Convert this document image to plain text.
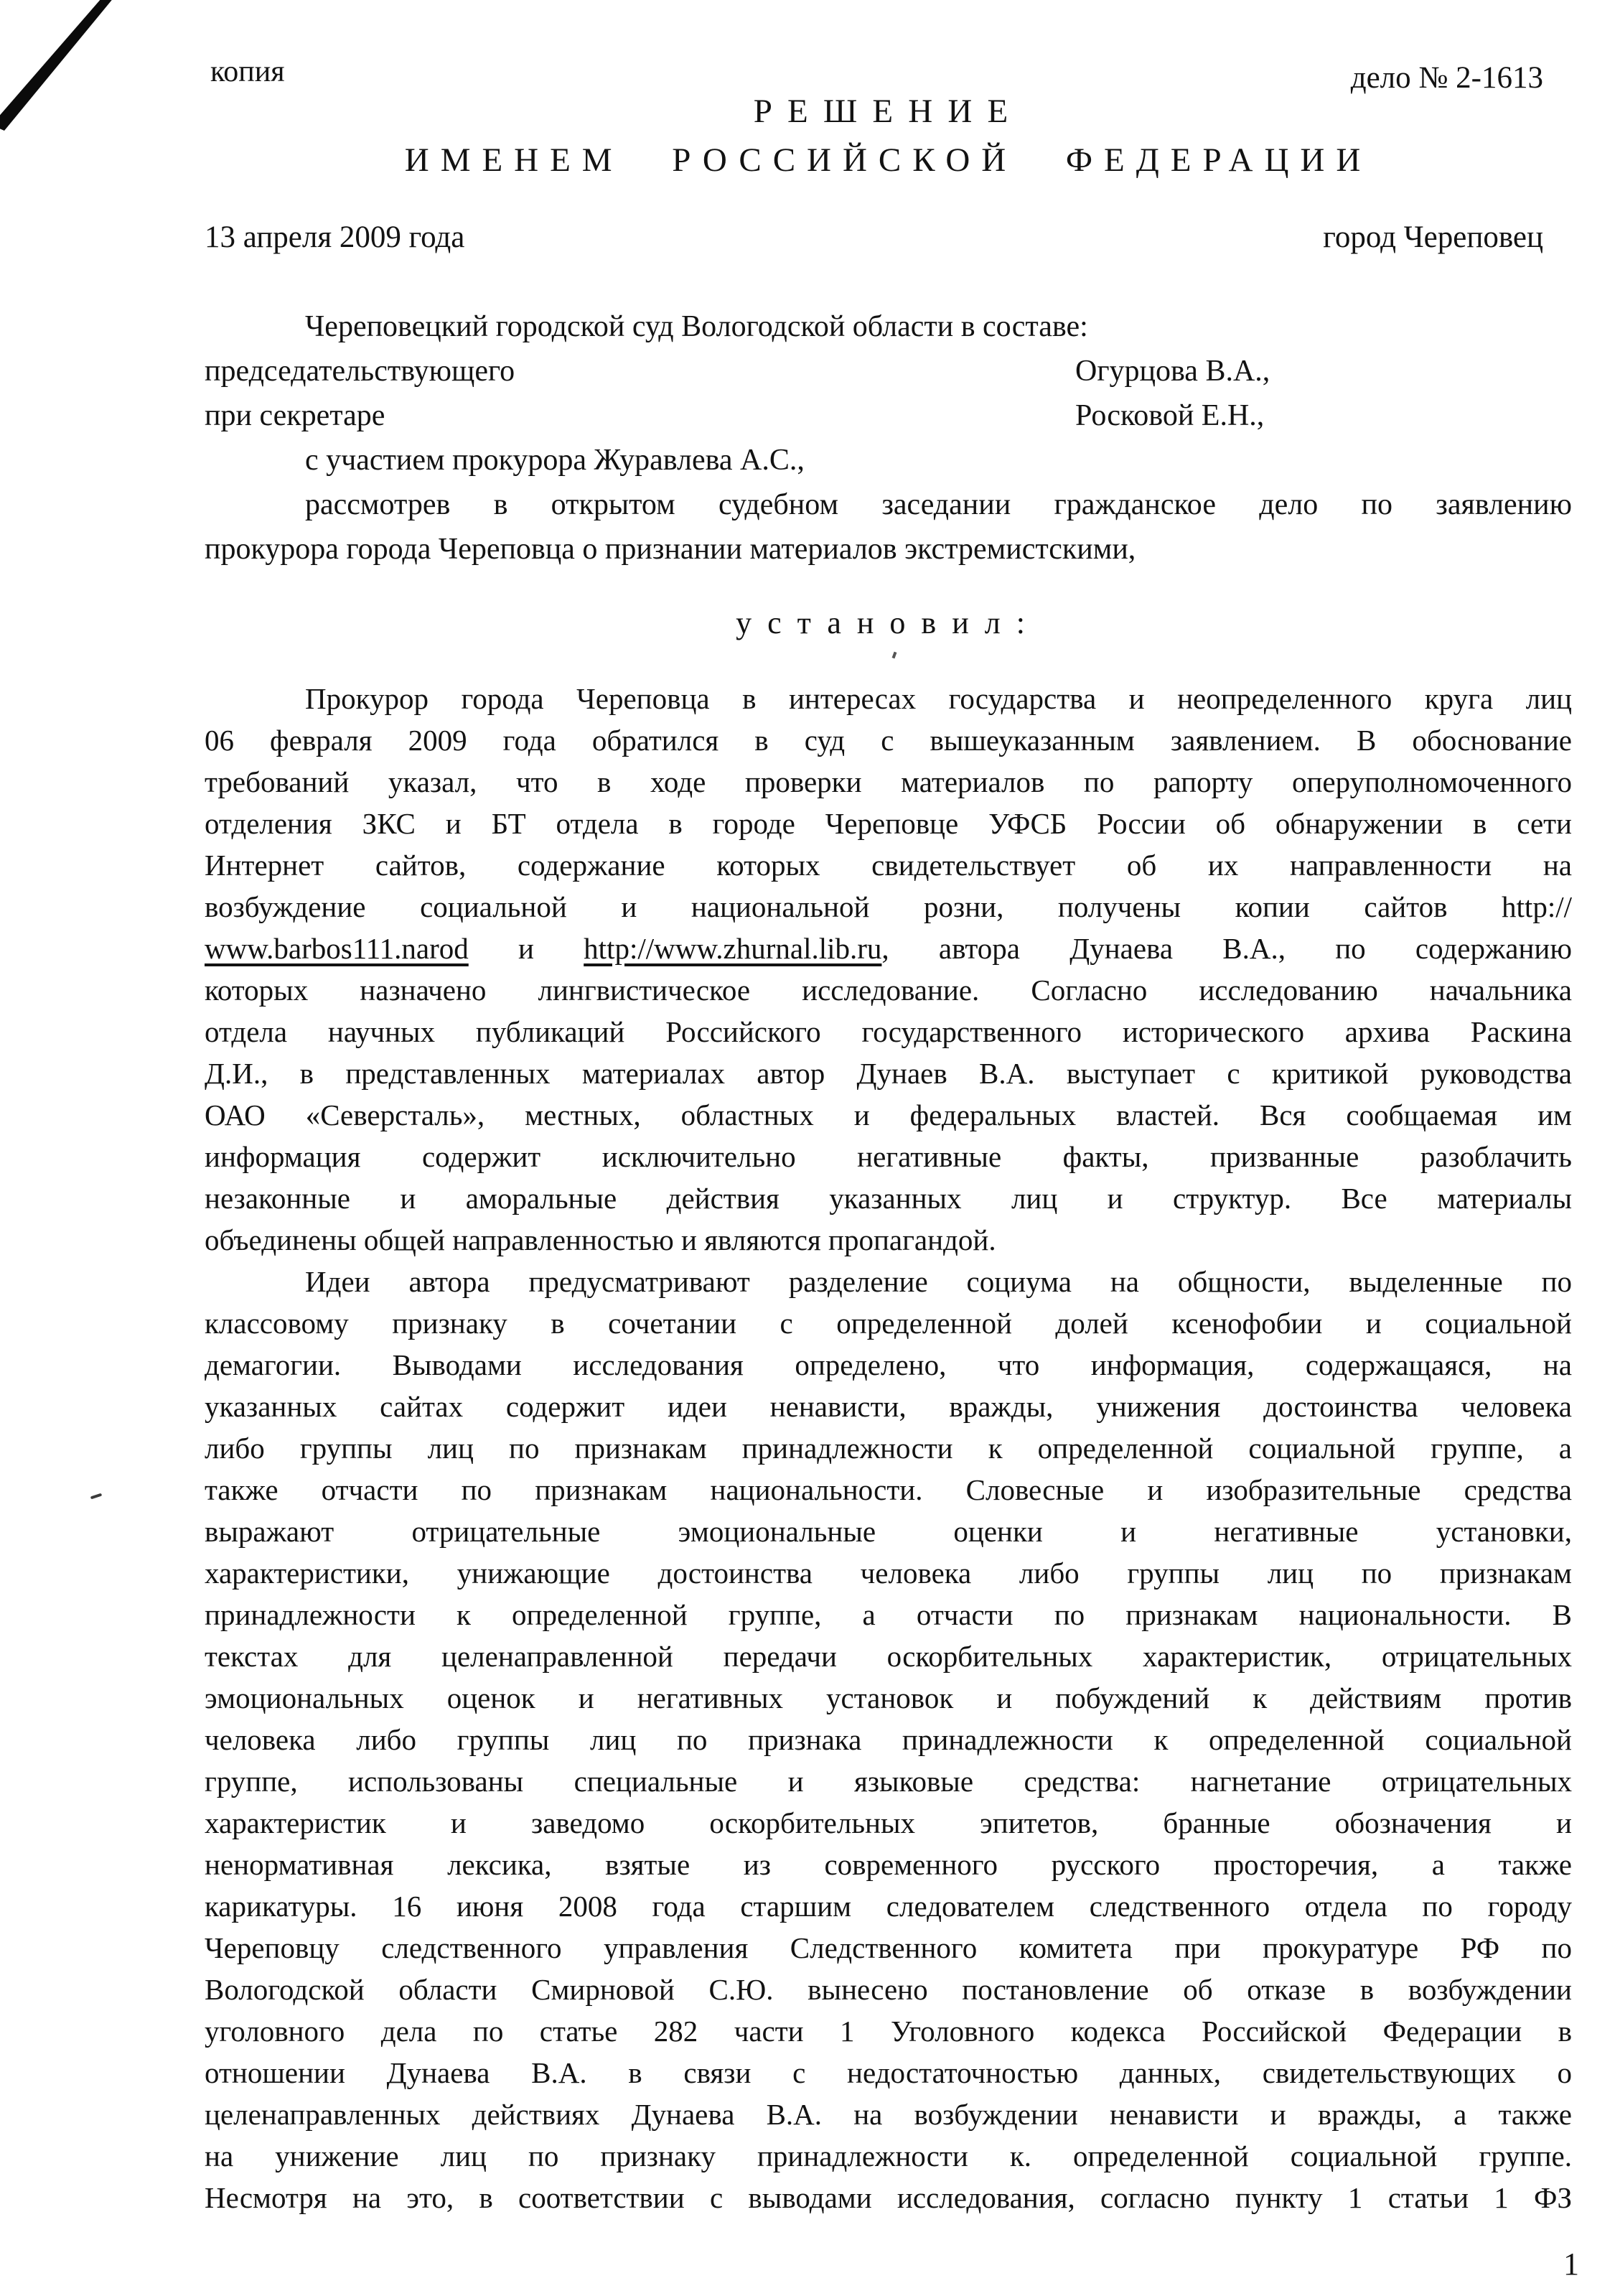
копия	дело № 2-1613
РЕШЕНИЕ
ИМЕНЕМ РОССИЙСКОЙ ФЕДЕРАЦИИ
13 апреля 2009 года	город Череповец
Череповецкий городской суд Вологодской области в составе:
председательствующего	Огурцова В.А.,
при секретаре	Росковой Е.Н.,
с участием прокурора Журавлева А.С.,
рассмотрев в открытом судебном заседании гражданское дело по заявлению
прокурора города Череповца о признании материалов экстремистскими,
установил:
Прокурор города Череповца в интересах государства и неопределенного круга лиц
06 февраля 2009 года обратился в суд с вышеуказанным заявлением. В обоснование
требований указал, что в ходе проверки материалов по рапорту оперуполномоченного
отделения ЗКС и БТ отдела в городе Череповце УФСБ России об обнаружении в сети
Интернет сайтов, содержание которых свидетельствует об их направленности на
возбуждение социальной и национальной розни, получены копии сайтов http://
www.barbos111.narod и http://www.zhurnal.lib.ru, автора Дунаева В.А., по содержанию
которых назначено лингвистическое исследование. Согласно исследованию начальника
отдела научных публикаций Российского государственного исторического архива Раскина
Д.И., в представленных материалах автор Дунаев В.А. выступает с критикой руководства
ОАО «Северсталь», местных, областных и федеральных властей. Вся сообщаемая им
информация содержит исключительно негативные факты, призванные разоблачить
незаконные и аморальные действия указанных лиц и структур. Все материалы
объединены общей направленностью и являются пропагандой.
Идеи автора предусматривают разделение социума на общности, выделенные по
классовому признаку в сочетании с определенной долей ксенофобии и социальной
демагогии. Выводами исследования определено, что информация, содержащаяся, на
указанных сайтах содержит идеи ненависти, вражды, унижения достоинства человека
либо группы лиц по признакам принадлежности к определенной социальной группе, а
также отчасти по признакам национальности. Словесные и изобразительные средства
выражают отрицательные эмоциональные оценки и негативные установки,
характеристики, унижающие достоинства человека либо группы лиц по признакам
принадлежности к определенной группе, а отчасти по признакам национальности. В
текстах для целенаправленной передачи оскорбительных характеристик, отрицательных
эмоциональных оценок и негативных установок и побуждений к действиям против
человека либо группы лиц по признака принадлежности к определенной социальной
группе, использованы специальные и языковые средства: нагнетание отрицательных
характеристик и заведомо оскорбительных эпитетов, бранные обозначения и
ненормативная лексика, взятые из современного русского просторечия, а также
карикатуры. 16 июня 2008 года старшим следователем следственного отдела по городу
Череповцу следственного управления Следственного комитета при прокуратуре РФ по
Вологодской области Смирновой С.Ю. вынесено постановление об отказе в возбуждении
уголовного дела по статье 282 части 1 Уголовного кодекса Российской Федерации в
отношении Дунаева В.А. в связи с недостаточностью данных, свидетельствующих о
целенаправленных действиях Дунаева В.А. на возбуждении ненависти и вражды, а также
на унижение лиц по признаку принадлежности к. определенной социальной группе.
Несмотря на это, в соответствии с выводами исследования, согласно пункту 1 статьи 1 ФЗ
1
